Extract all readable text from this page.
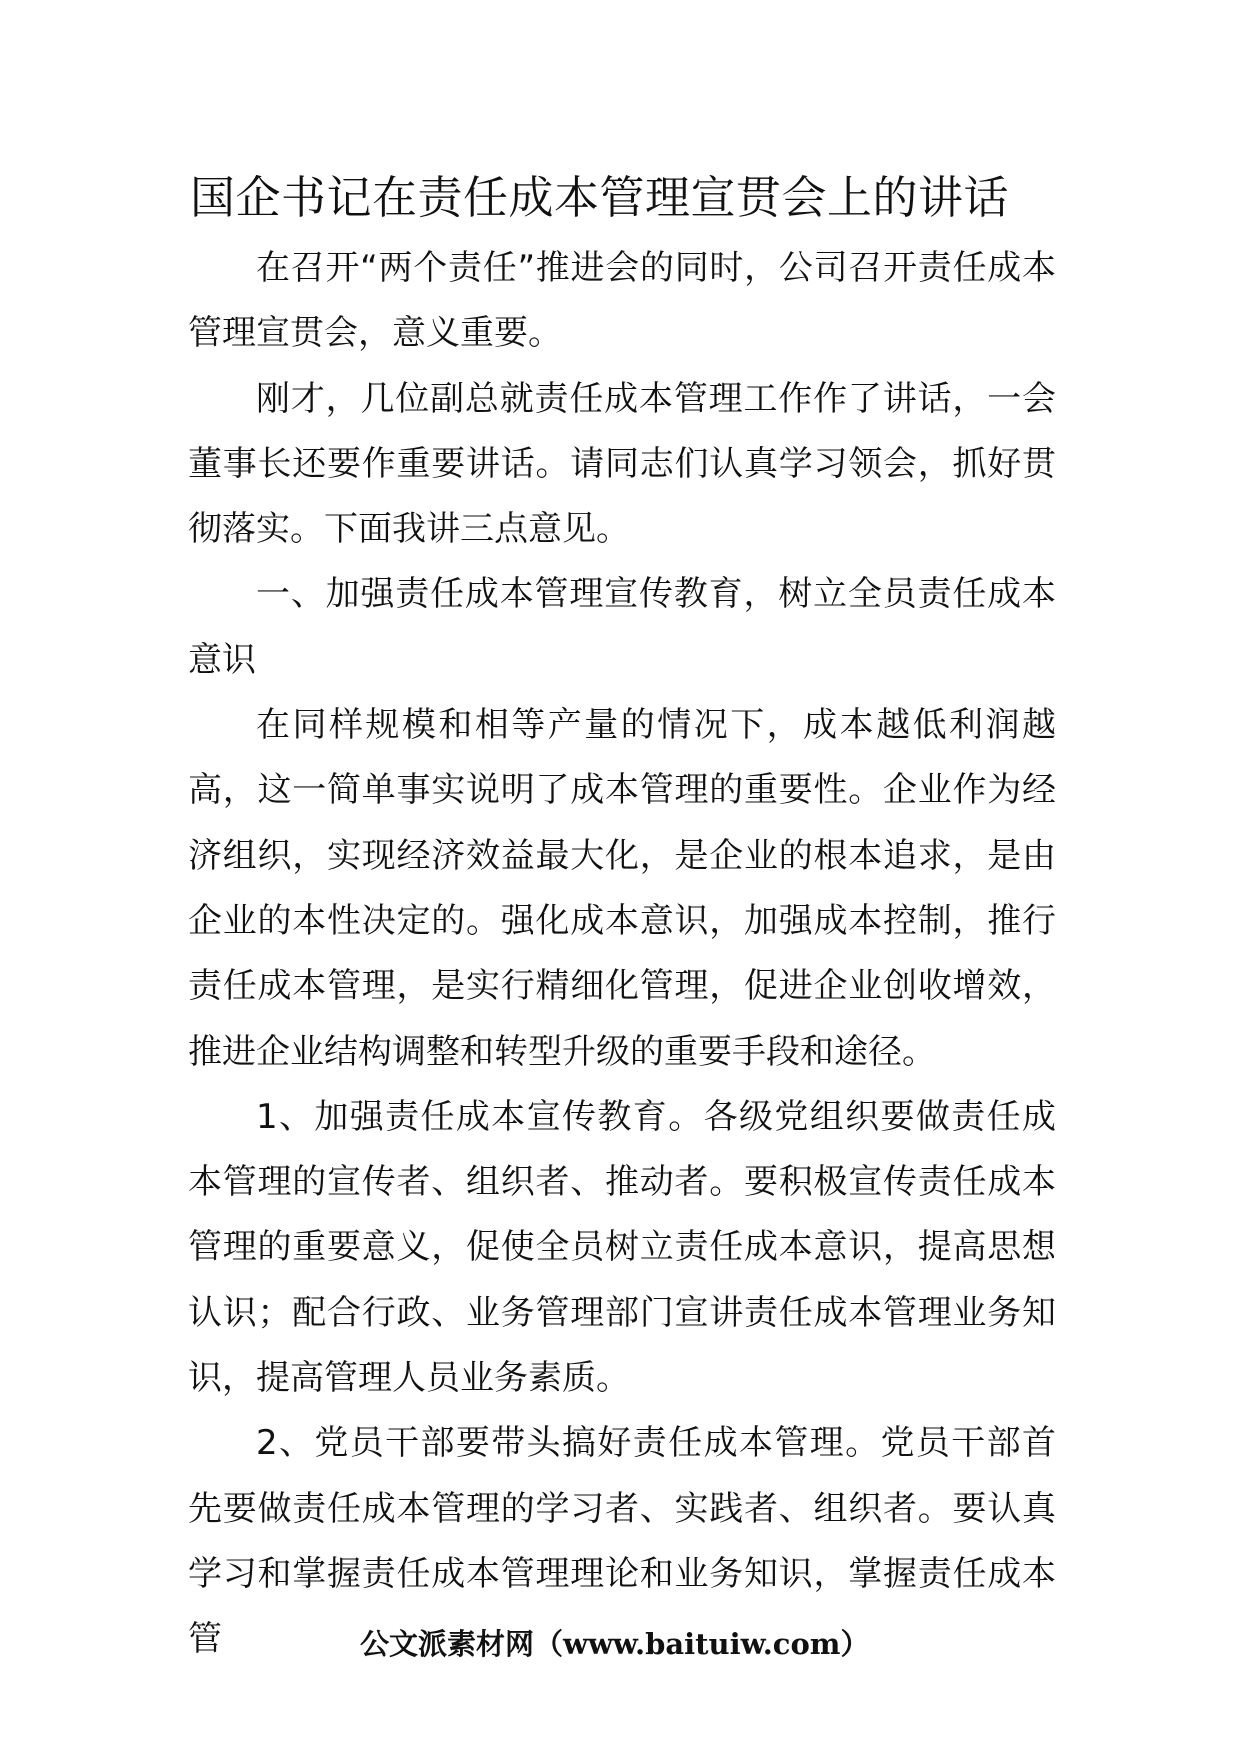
国企书记在责任成本管理宣贯会上的讲话

在召开“两个责任”推进会的同时，公司召开责任成本管理宣贯会，意义重要。

刚才，几位副总就责任成本管理工作作了讲话，一会董事长还要作重要讲话。请同志们认真学习领会，抓好贯彻落实。下面我讲三点意见。

一、加强责任成本管理宣传教育，树立全员责任成本意识

在同样规模和相等产量的情况下，成本越低利润越高，这一简单事实说明了成本管理的重要性。企业作为经济组织，实现经济效益最大化，是企业的根本追求，是由企业的本性决定的。强化成本意识，加强成本控制，推行责任成本管理，是实行精细化管理，促进企业创收增效，推进企业结构调整和转型升级的重要手段和途径。

1、加强责任成本宣传教育。各级党组织要做责任成本管理的宣传者、组织者、推动者。要积极宣传责任成本管理的重要意义，促使全员树立责任成本意识，提高思想认识；配合行政、业务管理部门宣讲责任成本管理业务知识，提高管理人员业务素质。

2、党员干部要带头搞好责任成本管理。党员干部首先要做责任成本管理的学习者、实践者、组织者。要认真学习和掌握责任成本管理理论和业务知识，掌握责任成本管	公文派素材网（www.baituiw.com）
